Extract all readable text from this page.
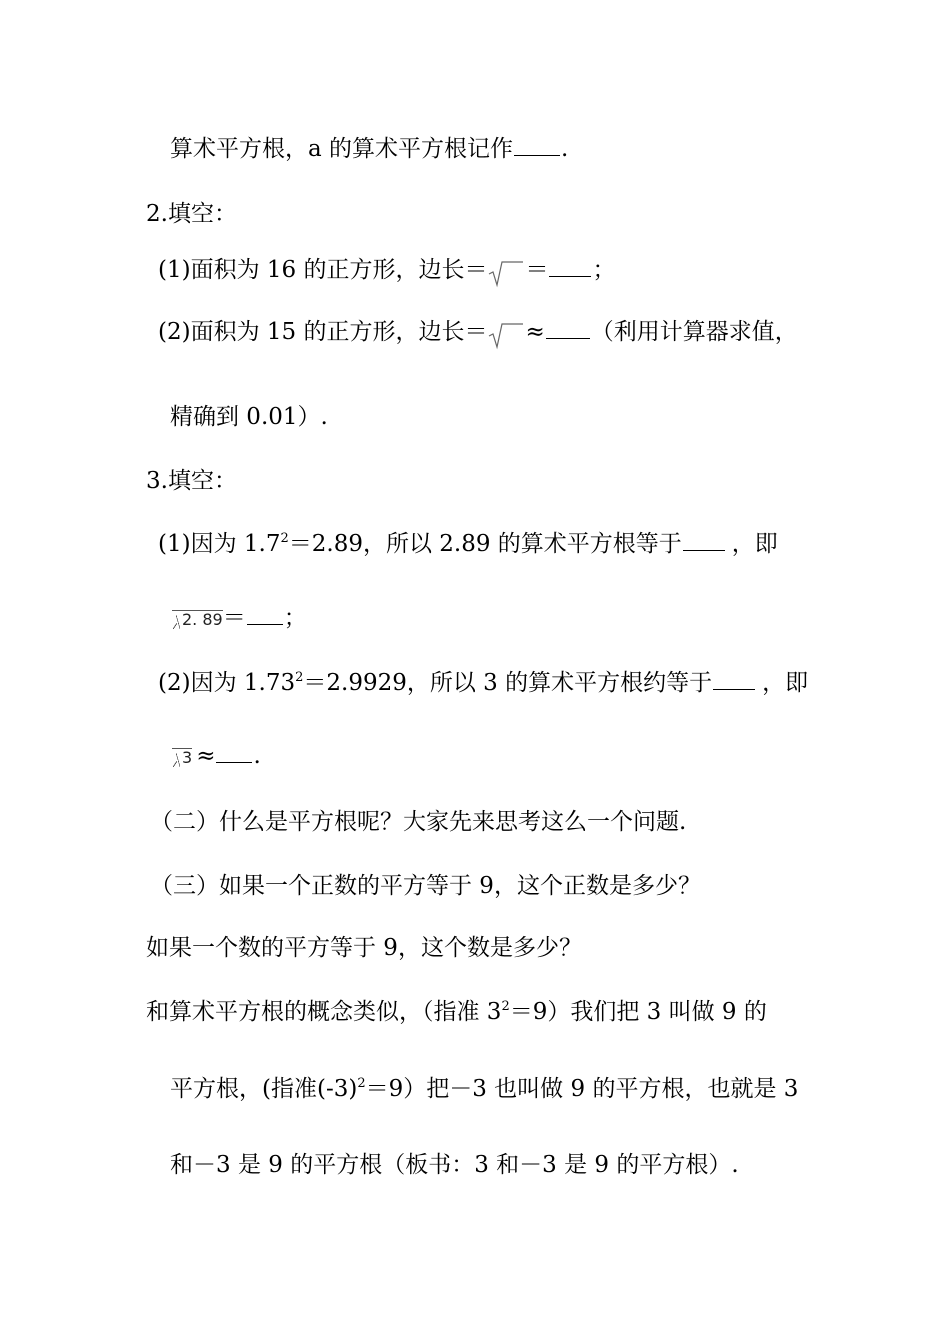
算术平方根，a 的算术平方根记作 .
2.填空：
(1)面积为 16 的正方形，边长＝ ＝ ；
(2)面积为 15 的正方形，边长＝ ≈ （利用计算器求值，
精确到 0.01）.
3.填空：
(1)因为 $1.7^2=2.89$，所以 2.89 的算术平方根等于 ，即
2. 89＝ ；
(2)因为 $1.73^2=2.9929$，所以 3 的算术平方根约等于 ，即
3 ≈ .
（二）什么是平方根呢？大家先来思考这么一个问题.
（三）如果一个正数的平方等于 9，这个正数是多少？
如果一个数的平方等于 9，这个数是多少？
和算术平方根的概念类似，（指准 $3^2=9$）我们把 3 叫做 9 的
平方根，(指准$(-3)^2=9$）把－3 也叫做 9 的平方根，也就是 3
和－3 是 9 的平方根（板书：3 和－3 是 9 的平方根）.
